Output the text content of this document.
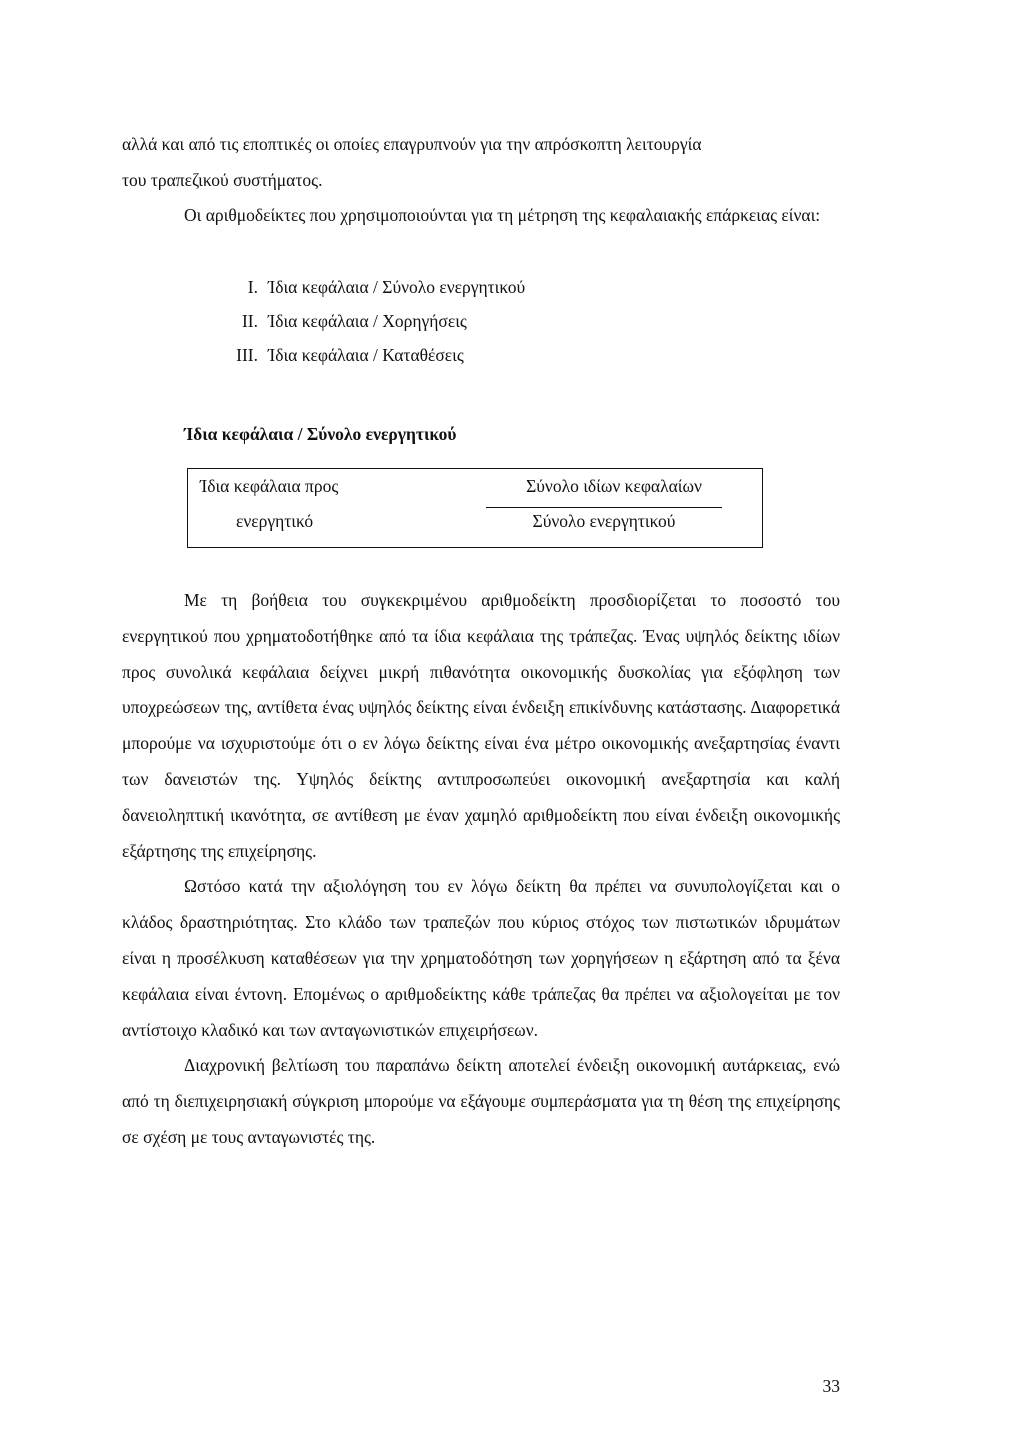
αλλά και από τις εποπτικές οι οποίες επαγρυπνούν για την απρόσκοπτη λειτουργία
του τραπεζικού συστήματος.

Οι αριθμοδείκτες που χρησιμοποιούνται για τη μέτρηση της κεφαλαιακής επάρκειας είναι:

I. Ίδια κεφάλαια / Σύνολο ενεργητικού
II. Ίδια κεφάλαια / Χορηγήσεις
III. Ίδια κεφάλαια / Καταθέσεις
Ίδια κεφάλαια / Σύνολο ενεργητικού
Ίδια κεφάλαια προς
ενεργητικό
Σύνολο ιδίων κεφαλαίων
Σύνολο ενεργητικού

Με τη βοήθεια του συγκεκριμένου αριθμοδείκτη προσδιορίζεται το ποσοστό του ενεργητικού που χρηματοδοτήθηκε από τα ίδια κεφάλαια της τράπεζας. Ένας υψηλός δείκτης ιδίων προς συνολικά κεφάλαια δείχνει μικρή πιθανότητα οικονομικής δυσκολίας για εξόφληση των υποχρεώσεων της, αντίθετα ένας υψηλός δείκτης είναι ένδειξη επικίνδυνης κατάστασης. Διαφορετικά μπορούμε να ισχυριστούμε ότι ο εν λόγω δείκτης είναι ένα μέτρο οικονομικής ανεξαρτησίας έναντι των δανειστών της. Υψηλός δείκτης αντιπροσωπεύει οικονομική ανεξαρτησία και καλή δανειοληπτική ικανότητα, σε αντίθεση με έναν χαμηλό αριθμοδείκτη που είναι ένδειξη οικονομικής εξάρτησης της επιχείρησης.

Ωστόσο κατά την αξιολόγηση του εν λόγω δείκτη θα πρέπει να συνυπολογίζεται και ο κλάδος δραστηριότητας. Στο κλάδο των τραπεζών που κύριος στόχος των πιστωτικών ιδρυμάτων είναι η προσέλκυση καταθέσεων για την χρηματοδότηση των χορηγήσεων η εξάρτηση από τα ξένα κεφάλαια είναι έντονη. Επομένως ο αριθμοδείκτης κάθε τράπεζας θα πρέπει να αξιολογείται με τον αντίστοιχο κλαδικό και των ανταγωνιστικών επιχειρήσεων.

Διαχρονική βελτίωση του παραπάνω δείκτη αποτελεί ένδειξη οικονομική αυτάρκειας, ενώ από τη διεπιχειρησιακή σύγκριση μπορούμε να εξάγουμε συμπεράσματα για τη θέση της επιχείρησης σε σχέση με τους ανταγωνιστές της.

33
